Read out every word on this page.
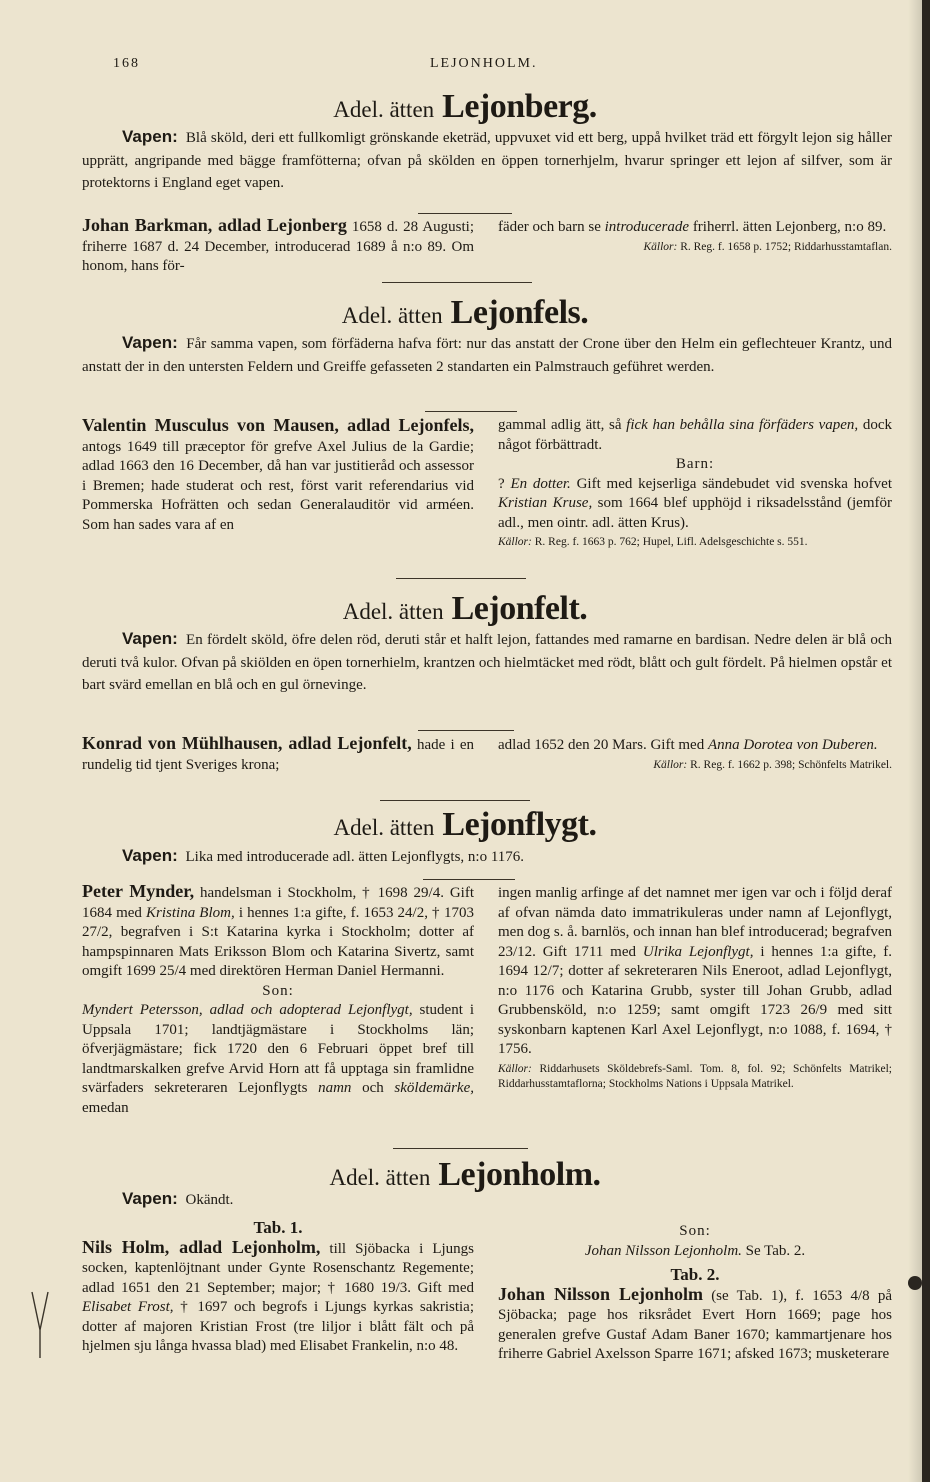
168	LEJONHOLM.
Adel. ätten Lejonberg.
Vapen: Blå sköld, deri ett fullkomligt grönskande eketräd, uppvuxet vid ett berg, uppå hvilket träd ett förgylt lejon sig håller upprätt, angripande med bägge framfötterna; ofvan på skölden en öppen tornerhjelm, hvarur springer ett lejon af silfver, som är protektorns i England eget vapen.
Johan Barkman, adlad Lejonberg 1658 d. 28 Augusti; friherre 1687 d. 24 December, introducerad 1689 å n:o 89. Om honom, hans för-
fäder och barn se introducerade friherrl. ätten Lejonberg, n:o 89.
Källor: R. Reg. f. 1658 p. 1752; Riddarhusstamtaflan.
Adel. ätten Lejonfels.
Vapen: Får samma vapen, som förfäderna hafva fört: nur das anstatt der Crone über den Helm ein geflechteuer Krantz, und anstatt der in den untersten Feldern und Greiffe gefasseten 2 standarten ein Palmstrauch geführet werden.
Valentin Musculus von Mausen, adlad Lejonfels, antogs 1649 till præceptor för grefve Axel Julius de la Gardie; adlad 1663 den 16 December, då han var justitieråd och assessor i Bremen; hade studerat och rest, först varit referendarius vid Pommerska Hofrätten och sedan Generalauditör vid arméen. Som han sades vara af en
gammal adlig ätt, så fick han behålla sina förfäders vapen, dock något förbättradt.
Barn:
? En dotter. Gift med kejserliga sändebudet vid svenska hofvet Kristian Kruse, som 1664 blef upphöjd i riksadelsstånd (jemför adl., men ointr. adl. ätten Krus).
Källor: R. Reg. f. 1663 p. 762; Hupel, Lifl. Adelsgeschichte s. 551.
Adel. ätten Lejonfelt.
Vapen: En fördelt sköld, öfre delen röd, deruti står et halft lejon, fattandes med ramarne en bardisan. Nedre delen är blå och deruti två kulor. Ofvan på skiölden en öpen tornerhielm, krantzen och hielmtäcket med rödt, blått och gult fördelt. På hielmen opstår et bart svärd emellan en blå och en gul örnevinge.
Konrad von Mühlhausen, adlad Lejonfelt, hade i en rundelig tid tjent Sveriges krona;
adlad 1652 den 20 Mars. Gift med Anna Dorotea von Duberen.
Källor: R. Reg. f. 1662 p. 398; Schönfelts Matrikel.
Adel. ätten Lejonflygt.
Vapen: Lika med introducerade adl. ätten Lejonflygts, n:o 1176.
Peter Mynder, handelsman i Stockholm, † 1698 29/4. Gift 1684 med Kristina Blom, i hennes 1:a gifte, f. 1653 24/2, † 1703 27/2, begrafven i S:t Katarina kyrka i Stockholm; dotter af hampspinnaren Mats Eriksson Blom och Katarina Sivertz, samt omgift 1699 25/4 med direktören Herman Daniel Hermanni.
Son:
Myndert Petersson, adlad och adopterad Lejonflygt, student i Uppsala 1701; landtjägmästare i Stockholms län; öfverjägmästare; fick 1720 den 6 Februari öppet bref till landtmarskalken grefve Arvid Horn att få upptaga sin framlidne svärfaders sekreteraren Lejonflygts namn och sköldemärke, emedan
ingen manlig arfinge af det namnet mer igen var och i följd deraf af ofvan nämda dato immatrikuleras under namn af Lejonflygt, men dog s. å. barnlös, och innan han blef introducerad; begrafven 23/12. Gift 1711 med Ulrika Lejonflygt, i hennes 1:a gifte, f. 1694 12/7; dotter af sekreteraren Nils Eneroot, adlad Lejonflygt, n:o 1176 och Katarina Grubb, syster till Johan Grubb, adlad Grubbensköld, n:o 1259; samt omgift 1723 26/9 med sitt syskonbarn kaptenen Karl Axel Lejonflygt, n:o 1088, f. 1694, † 1756.
Källor: Riddarhusets Sköldebrefs-Saml. Tom. 8, fol. 92; Schönfelts Matrikel; Riddarhusstamtaflorna; Stockholms Nations i Uppsala Matrikel.
Adel. ätten Lejonholm.
Vapen: Okändt.
Tab. 1.
Nils Holm, adlad Lejonholm, till Sjöbacka i Ljungs socken, kaptenlöjtnant under Gynte Rosenschantz Regemente; adlad 1651 den 21 September; major; † 1680 19/3. Gift med Elisabet Frost, † 1697 och begrofs i Ljungs kyrkas sakristia; dotter af majoren Kristian Frost (tre liljor i blått fält och på hjelmen sju långa hvassa blad) med Elisabet Frankelin, n:o 48.
Son:
Johan Nilsson Lejonholm. Se Tab. 2.
Tab. 2.
Johan Nilsson Lejonholm (se Tab. 1), f. 1653 4/8 på Sjöbacka; page hos riksrådet Evert Horn 1669; page hos generalen grefve Gustaf Adam Baner 1670; kammartjenare hos friherre Gabriel Axelsson Sparre 1671; afsked 1673; musketerare
